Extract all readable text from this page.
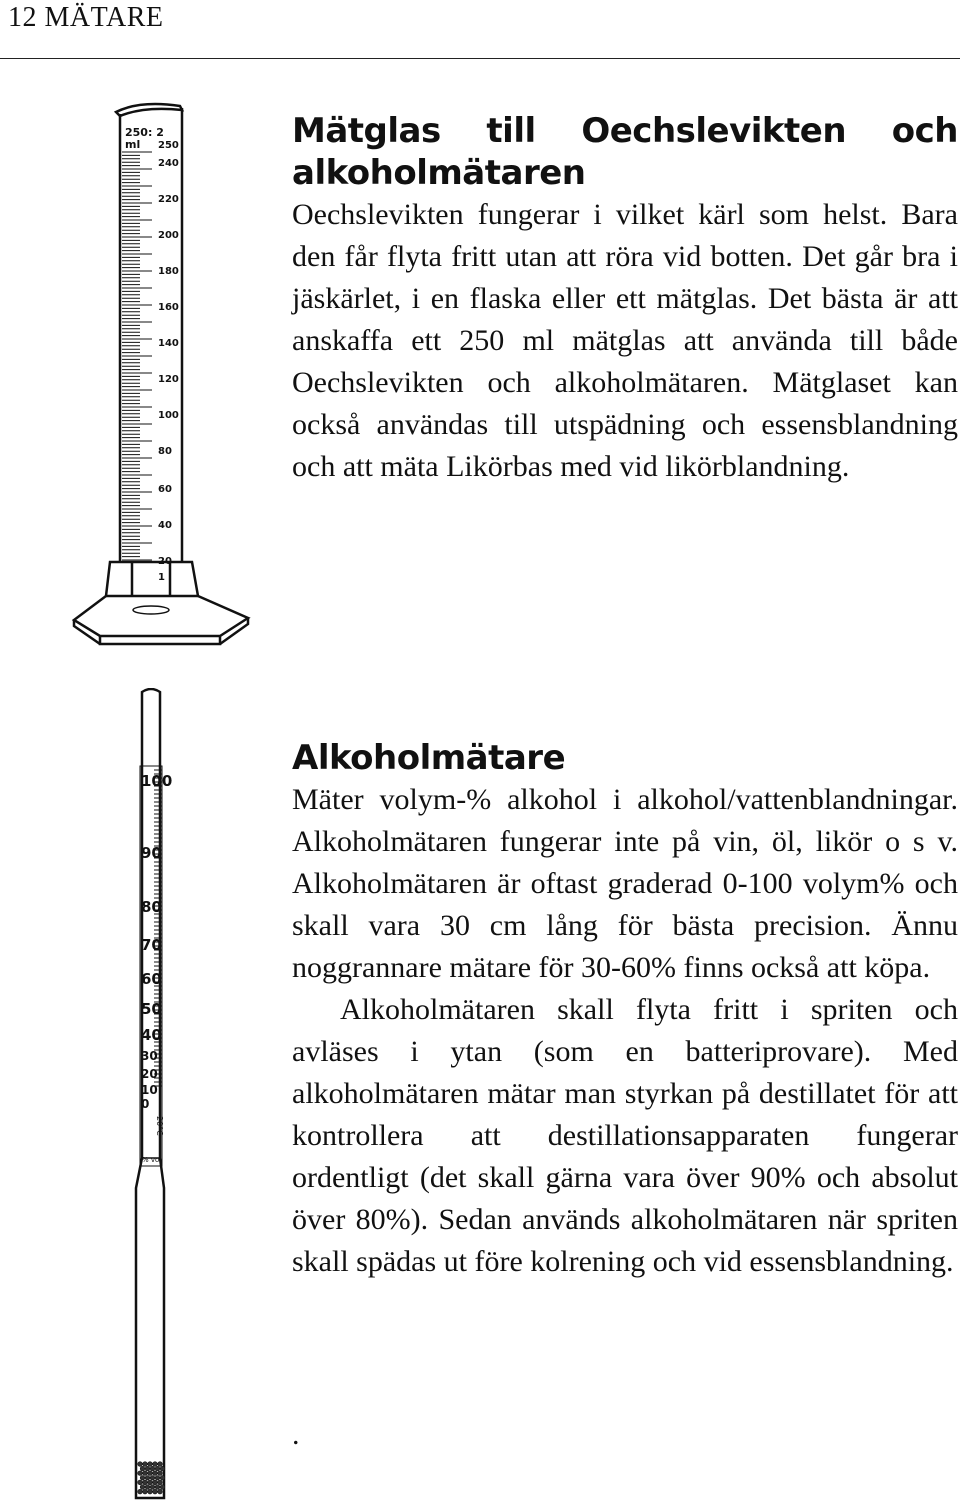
12 MÄTARE
250: 2
ml 250
240
220
200
180
160
140
120
100
80
60
40
20
1
Mätglas till Oechslevikten och alkoholmätaren

Oechslevikten fungerar i vilket kärl som helst. Bara den får flyta fritt utan att röra vid botten. Det går bra i jäskärlet, i en flaska eller ett mätglas. Det bästa är att anskaffa ett 250 ml mätglas att använda till både Oechslevikten och alkoholmätaren. Mätglaset kan också användas till utspädning och essensblandning och att mäta Likörbas med vid likörblandning.

100
90
80
70
60
50
40
30
20
10
0
20°C
% vol
Alkoholmätare

Mäter volym-% alkohol i alkohol/vattenblandningar. Alkoholmätaren fungerar inte på vin, öl, likör o s v. Alkoholmätaren är oftast graderad 0-100 volym% och skall vara 30 cm lång för bästa precision. Ännu noggrannare mätare för 30-60% finns också att köpa.

Alkoholmätaren skall flyta fritt i spriten och avläses i ytan (som en batteriprovare). Med alkoholmätaren mätar man styrkan på destillatet för att kontrollera att destillationsapparaten fungerar ordentligt (det skall gärna vara över 90% och absolut över 80%). Sedan används alkoholmätaren när spriten skall spädas ut före kolrening och vid essensblandning.

.
